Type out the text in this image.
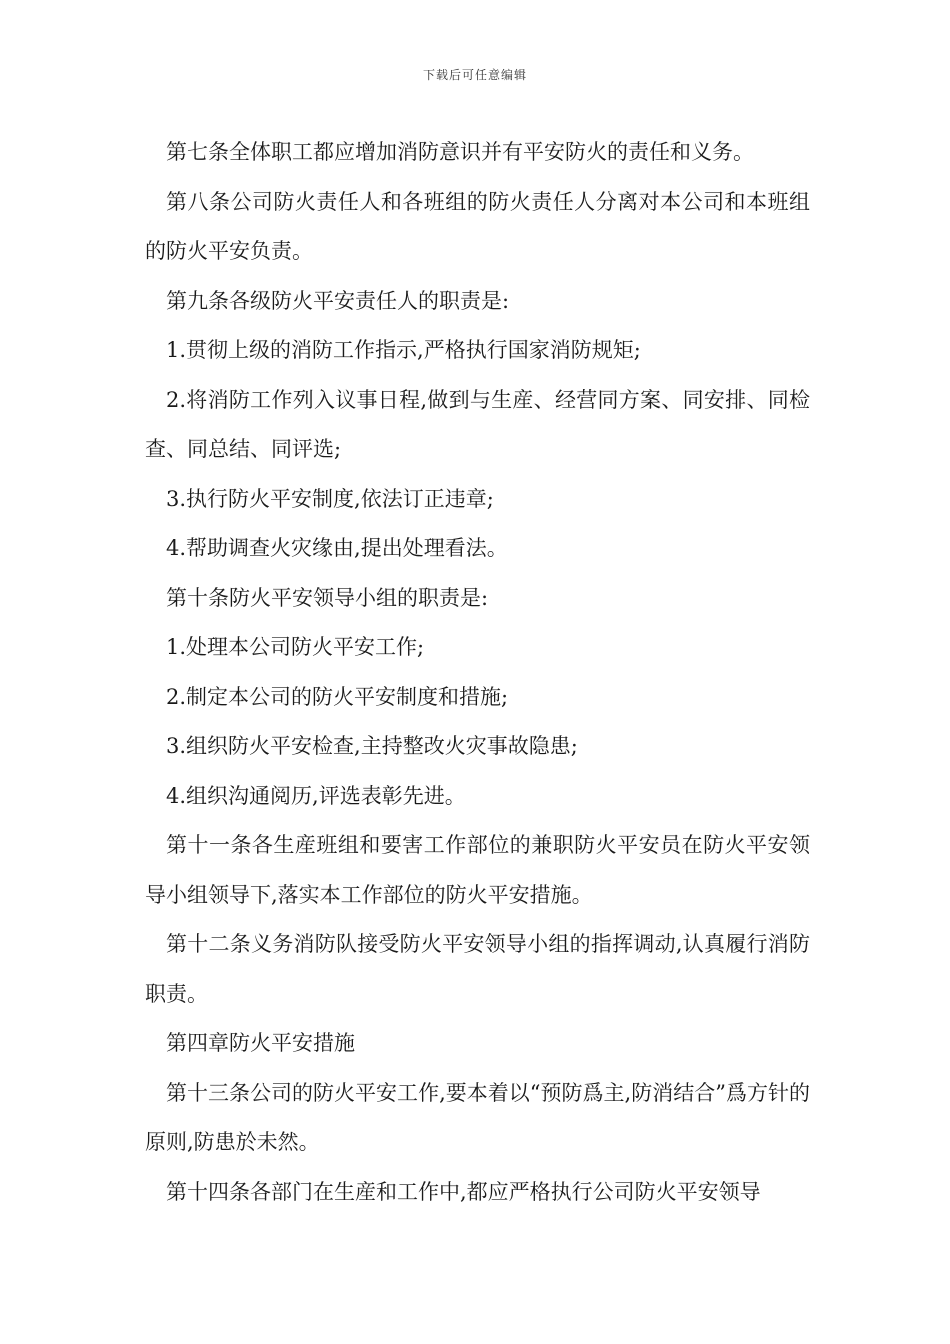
下载后可任意编辑

第七条全体职工都应增加消防意识并有平安防火的责任和义务。

第八条公司防火责任人和各班组的防火责任人分离对本公司和本班组的防火平安负责。

第九条各级防火平安责任人的职责是:

1.贯彻上级的消防工作指示,严格执行国家消防规矩;

2.将消防工作列入议事日程,做到与生産、经营同方案、同安排、同检查、同总结、同评选;

3.执行防火平安制度,依法订正违章;

4.帮助调查火灾缘由,提出处理看法。

第十条防火平安领导小组的职责是:

1.处理本公司防火平安工作;

2.制定本公司的防火平安制度和措施;

3.组织防火平安检查,主持整改火灾事故隐患;

4.组织沟通阅历,评选表彰先进。

第十一条各生産班组和要害工作部位的兼职防火平安员在防火平安领导小组领导下,落实本工作部位的防火平安措施。

第十二条义务消防队接受防火平安领导小组的指挥调动,认真履行消防职责。

第四章防火平安措施

第十三条公司的防火平安工作,要本着以“预防爲主,防消结合”爲方针的原则,防患於未然。

第十四条各部门在生産和工作中,都应严格执行公司防火平安领导
